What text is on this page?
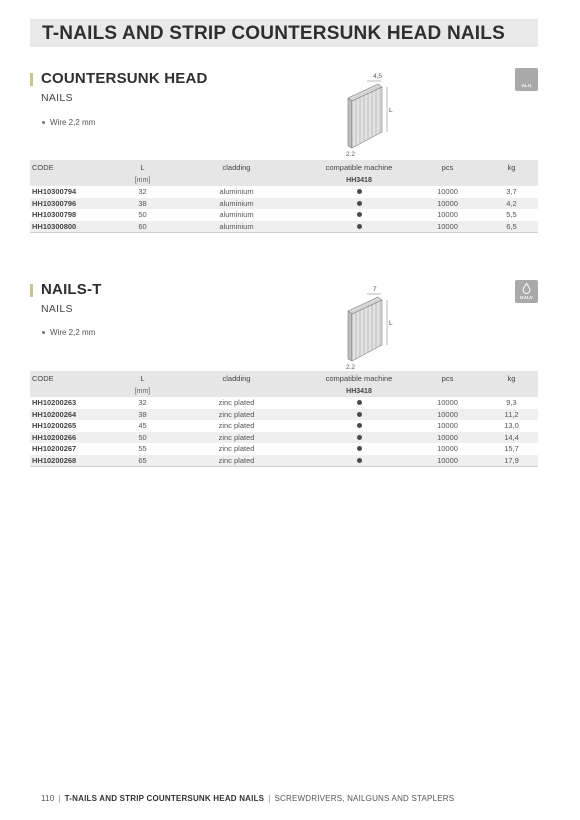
T-NAILS AND STRIP COUNTERSUNK HEAD NAILS
COUNTERSUNK HEAD
NAILS
Wire 2,2 mm
ALU
4,5
L
2,2
CODE	L	cladding	compatible machine	pcs	kg
	[mm]		HH3418		
HH10300794	32	aluminium		10000	3,7
HH10300796	38	aluminium		10000	4,2
HH10300798	50	aluminium		10000	5,5
HH10300800	60	aluminium		10000	6,5
NAILS-T
NAILS
Wire 2,2 mm
GALV
7
L
2,2
CODE	L	cladding	compatible machine	pcs	kg
	[mm]		HH3418		
HH10200263	32	zinc plated		10000	9,3
HH10200264	38	zinc plated		10000	11,2
HH10200265	45	zinc plated		10000	13,0
HH10200266	50	zinc plated		10000	14,4
HH10200267	55	zinc plated		10000	15,7
HH10200268	65	zinc plated		10000	17,9
110 | T-NAILS AND STRIP COUNTERSUNK HEAD NAILS | SCREWDRIVERS, NAILGUNS AND STAPLERS
